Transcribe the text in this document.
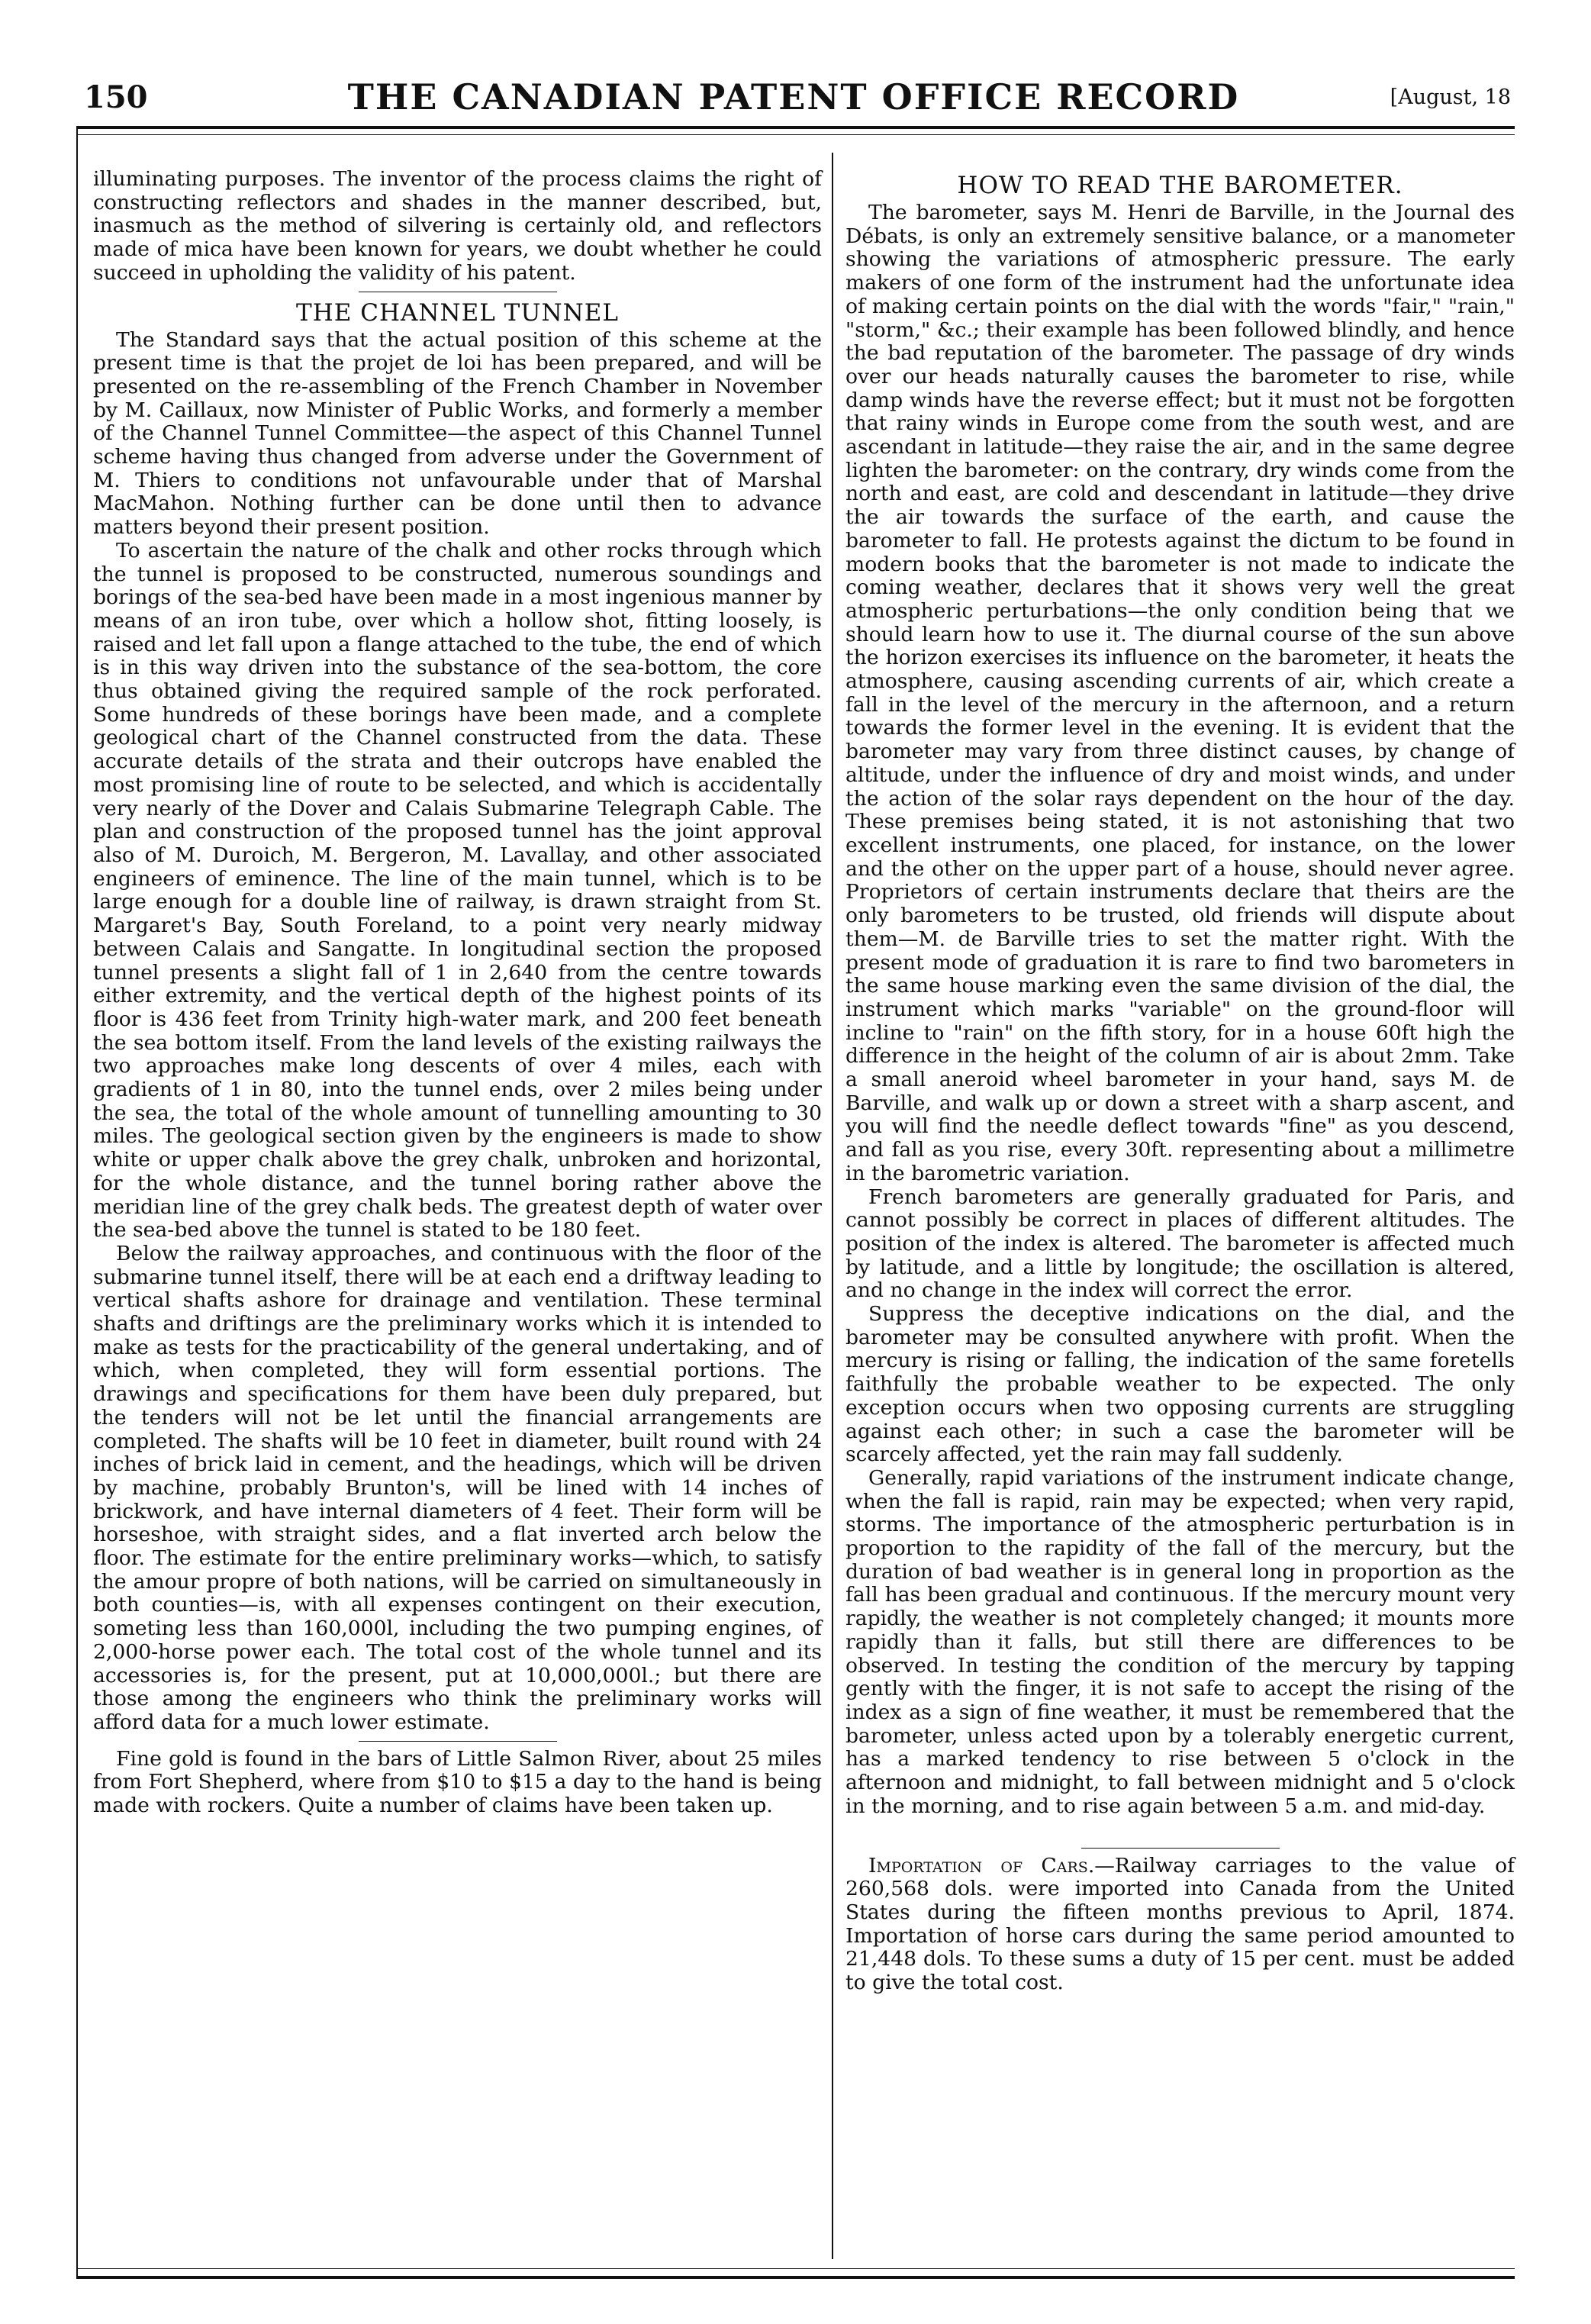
150	THE CANADIAN PATENT OFFICE RECORD	[August, 18

illuminating purposes. The inventor of the process claims the right of constructing reflectors and shades in the manner described, but, inasmuch as the method of silvering is certainly old, and reflectors made of mica have been known for years, we doubt whether he could succeed in upholding the validity of his patent.

THE CHANNEL TUNNEL

The Standard says that the actual position of this scheme at the present time is that the projet de loi has been prepared, and will be presented on the re-assembling of the French Chamber in November by M. Caillaux, now Minister of Public Works, and formerly a member of the Channel Tunnel Committee—the aspect of this Channel Tunnel scheme having thus changed from adverse under the Government of M. Thiers to conditions not unfavourable under that of Marshal MacMahon. Nothing further can be done until then to advance matters beyond their present position.

To ascertain the nature of the chalk and other rocks through which the tunnel is proposed to be constructed, numerous soundings and borings of the sea-bed have been made in a most ingenious manner by means of an iron tube, over which a hollow shot, fitting loosely, is raised and let fall upon a flange attached to the tube, the end of which is in this way driven into the substance of the sea-bottom, the core thus obtained giving the required sample of the rock perforated. Some hundreds of these borings have been made, and a complete geological chart of the Channel constructed from the data. These accurate details of the strata and their outcrops have enabled the most promising line of route to be selected, and which is accidentally very nearly of the Dover and Calais Submarine Telegraph Cable. The plan and construction of the proposed tunnel has the joint approval also of M. Duroich, M. Bergeron, M. Lavallay, and other associated engineers of eminence. The line of the main tunnel, which is to be large enough for a double line of railway, is drawn straight from St. Margaret's Bay, South Foreland, to a point very nearly midway between Calais and Sangatte. In longitudinal section the proposed tunnel presents a slight fall of 1 in 2,640 from the centre towards either extremity, and the vertical depth of the highest points of its floor is 436 feet from Trinity high-water mark, and 200 feet beneath the sea bottom itself. From the land levels of the existing railways the two approaches make long descents of over 4 miles, each with gradients of 1 in 80, into the tunnel ends, over 2 miles being under the sea, the total of the whole amount of tunnelling amounting to 30 miles. The geological section given by the engineers is made to show white or upper chalk above the grey chalk, unbroken and horizontal, for the whole distance, and the tunnel boring rather above the meridian line of the grey chalk beds. The greatest depth of water over the sea-bed above the tunnel is stated to be 180 feet.

Below the railway approaches, and continuous with the floor of the submarine tunnel itself, there will be at each end a driftway leading to vertical shafts ashore for drainage and ventilation. These terminal shafts and driftings are the preliminary works which it is intended to make as tests for the practicability of the general undertaking, and of which, when completed, they will form essential portions. The drawings and specifications for them have been duly prepared, but the tenders will not be let until the financial arrangements are completed. The shafts will be 10 feet in diameter, built round with 24 inches of brick laid in cement, and the headings, which will be driven by machine, probably Brunton's, will be lined with 14 inches of brickwork, and have internal diameters of 4 feet. Their form will be horseshoe, with straight sides, and a flat inverted arch below the floor. The estimate for the entire preliminary works—which, to satisfy the amour propre of both nations, will be carried on simultaneously in both counties—is, with all expenses contingent on their execution, someting less than 160,000l, including the two pumping engines, of 2,000-horse power each. The total cost of the whole tunnel and its accessories is, for the present, put at 10,000,000l.; but there are those among the engineers who think the preliminary works will afford data for a much lower estimate.

Fine gold is found in the bars of Little Salmon River, about 25 miles from Fort Shepherd, where from $10 to $15 a day to the hand is being made with rockers. Quite a number of claims have been taken up.

HOW TO READ THE BAROMETER.

The barometer, says M. Henri de Barville, in the Journal des Débats, is only an extremely sensitive balance, or a manometer showing the variations of atmospheric pressure. The early makers of one form of the instrument had the unfortunate idea of making certain points on the dial with the words "fair," "rain," "storm," &c.; their example has been followed blindly, and hence the bad reputation of the barometer. The passage of dry winds over our heads naturally causes the barometer to rise, while damp winds have the reverse effect; but it must not be forgotten that rainy winds in Europe come from the south west, and are ascendant in latitude—they raise the air, and in the same degree lighten the barometer: on the contrary, dry winds come from the north and east, are cold and descendant in latitude—they drive the air towards the surface of the earth, and cause the barometer to fall. He protests against the dictum to be found in modern books that the barometer is not made to indicate the coming weather, declares that it shows very well the great atmospheric perturbations—the only condition being that we should learn how to use it. The diurnal course of the sun above the horizon exercises its influence on the barometer, it heats the atmosphere, causing ascending currents of air, which create a fall in the level of the mercury in the afternoon, and a return towards the former level in the evening. It is evident that the barometer may vary from three distinct causes, by change of altitude, under the influence of dry and moist winds, and under the action of the solar rays dependent on the hour of the day. These premises being stated, it is not astonishing that two excellent instruments, one placed, for instance, on the lower and the other on the upper part of a house, should never agree. Proprietors of certain instruments declare that theirs are the only barometers to be trusted, old friends will dispute about them—M. de Barville tries to set the matter right. With the present mode of graduation it is rare to find two barometers in the same house marking even the same division of the dial, the instrument which marks "variable" on the ground-floor will incline to "rain" on the fifth story, for in a house 60ft high the difference in the height of the column of air is about 2mm. Take a small aneroid wheel barometer in your hand, says M. de Barville, and walk up or down a street with a sharp ascent, and you will find the needle deflect towards "fine" as you descend, and fall as you rise, every 30ft. representing about a millimetre in the barometric variation.

French barometers are generally graduated for Paris, and cannot possibly be correct in places of different altitudes. The position of the index is altered. The barometer is affected much by latitude, and a little by longitude; the oscillation is altered, and no change in the index will correct the error.

Suppress the deceptive indications on the dial, and the barometer may be consulted anywhere with profit. When the mercury is rising or falling, the indication of the same foretells faithfully the probable weather to be expected. The only exception occurs when two opposing currents are struggling against each other; in such a case the barometer will be scarcely affected, yet the rain may fall suddenly.

Generally, rapid variations of the instrument indicate change, when the fall is rapid, rain may be expected; when very rapid, storms. The importance of the atmospheric perturbation is in proportion to the rapidity of the fall of the mercury, but the duration of bad weather is in general long in proportion as the fall has been gradual and continuous. If the mercury mount very rapidly, the weather is not completely changed; it mounts more rapidly than it falls, but still there are differences to be observed. In testing the condition of the mercury by tapping gently with the finger, it is not safe to accept the rising of the index as a sign of fine weather, it must be remembered that the barometer, unless acted upon by a tolerably energetic current, has a marked tendency to rise between 5 o'clock in the afternoon and midnight, to fall between midnight and 5 o'clock in the morning, and to rise again between 5 a.m. and mid-day.

Importation of Cars.—Railway carriages to the value of 260,568 dols. were imported into Canada from the United States during the fifteen months previous to April, 1874. Importation of horse cars during the same period amounted to 21,448 dols. To these sums a duty of 15 per cent. must be added to give the total cost.
